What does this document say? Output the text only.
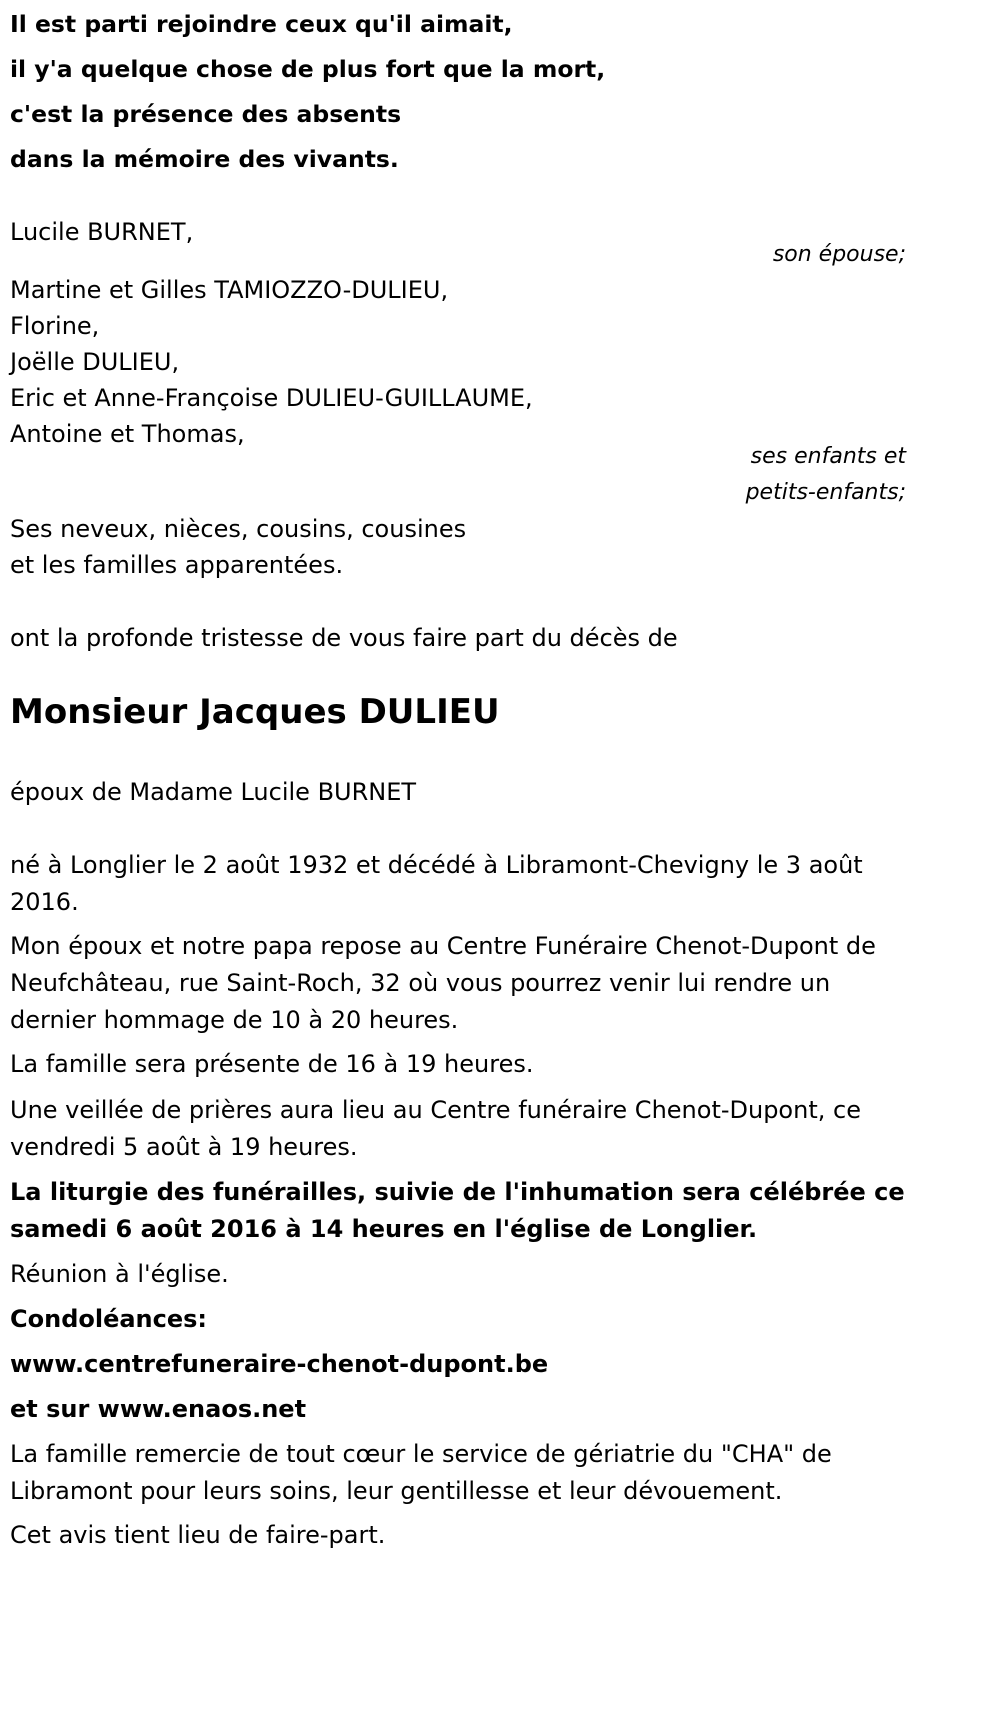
Il est parti rejoindre ceux qu'il aimait,
il y'a quelque chose de plus fort que la mort,
c'est la présence des absents
dans la mémoire des vivants.
Lucile BURNET,
son épouse;
Martine et Gilles TAMIOZZO-DULIEU,
Florine,
Joëlle DULIEU,
Eric et Anne-Françoise DULIEU-GUILLAUME,
Antoine et Thomas,
ses enfants et
petits-enfants;
Ses neveux, nièces, cousins, cousines
et les familles apparentées.
ont la profonde tristesse de vous faire part du décès de
Monsieur Jacques DULIEU
époux de Madame Lucile BURNET
né à Longlier le 2 août 1932 et décédé à Libramont-Chevigny le 3 août 2016.
Mon époux et notre papa repose au Centre Funéraire Chenot-Dupont de Neufchâteau, rue Saint-Roch, 32 où vous pourrez venir lui rendre un dernier hommage de 10 à 20 heures.
La famille sera présente de 16 à 19 heures.
Une veillée de prières aura lieu au Centre funéraire Chenot-Dupont, ce vendredi 5 août à 19 heures.
La liturgie des funérailles, suivie de l'inhumation sera célébrée ce samedi 6 août 2016 à 14 heures en l'église de Longlier.
Réunion à l'église.
Condoléances:
www.centrefuneraire-chenot-dupont.be
et sur www.enaos.net
La famille remercie de tout cœur le service de gériatrie du "CHA" de Libramont pour leurs soins, leur gentillesse et leur dévouement.
Cet avis tient lieu de faire-part.
